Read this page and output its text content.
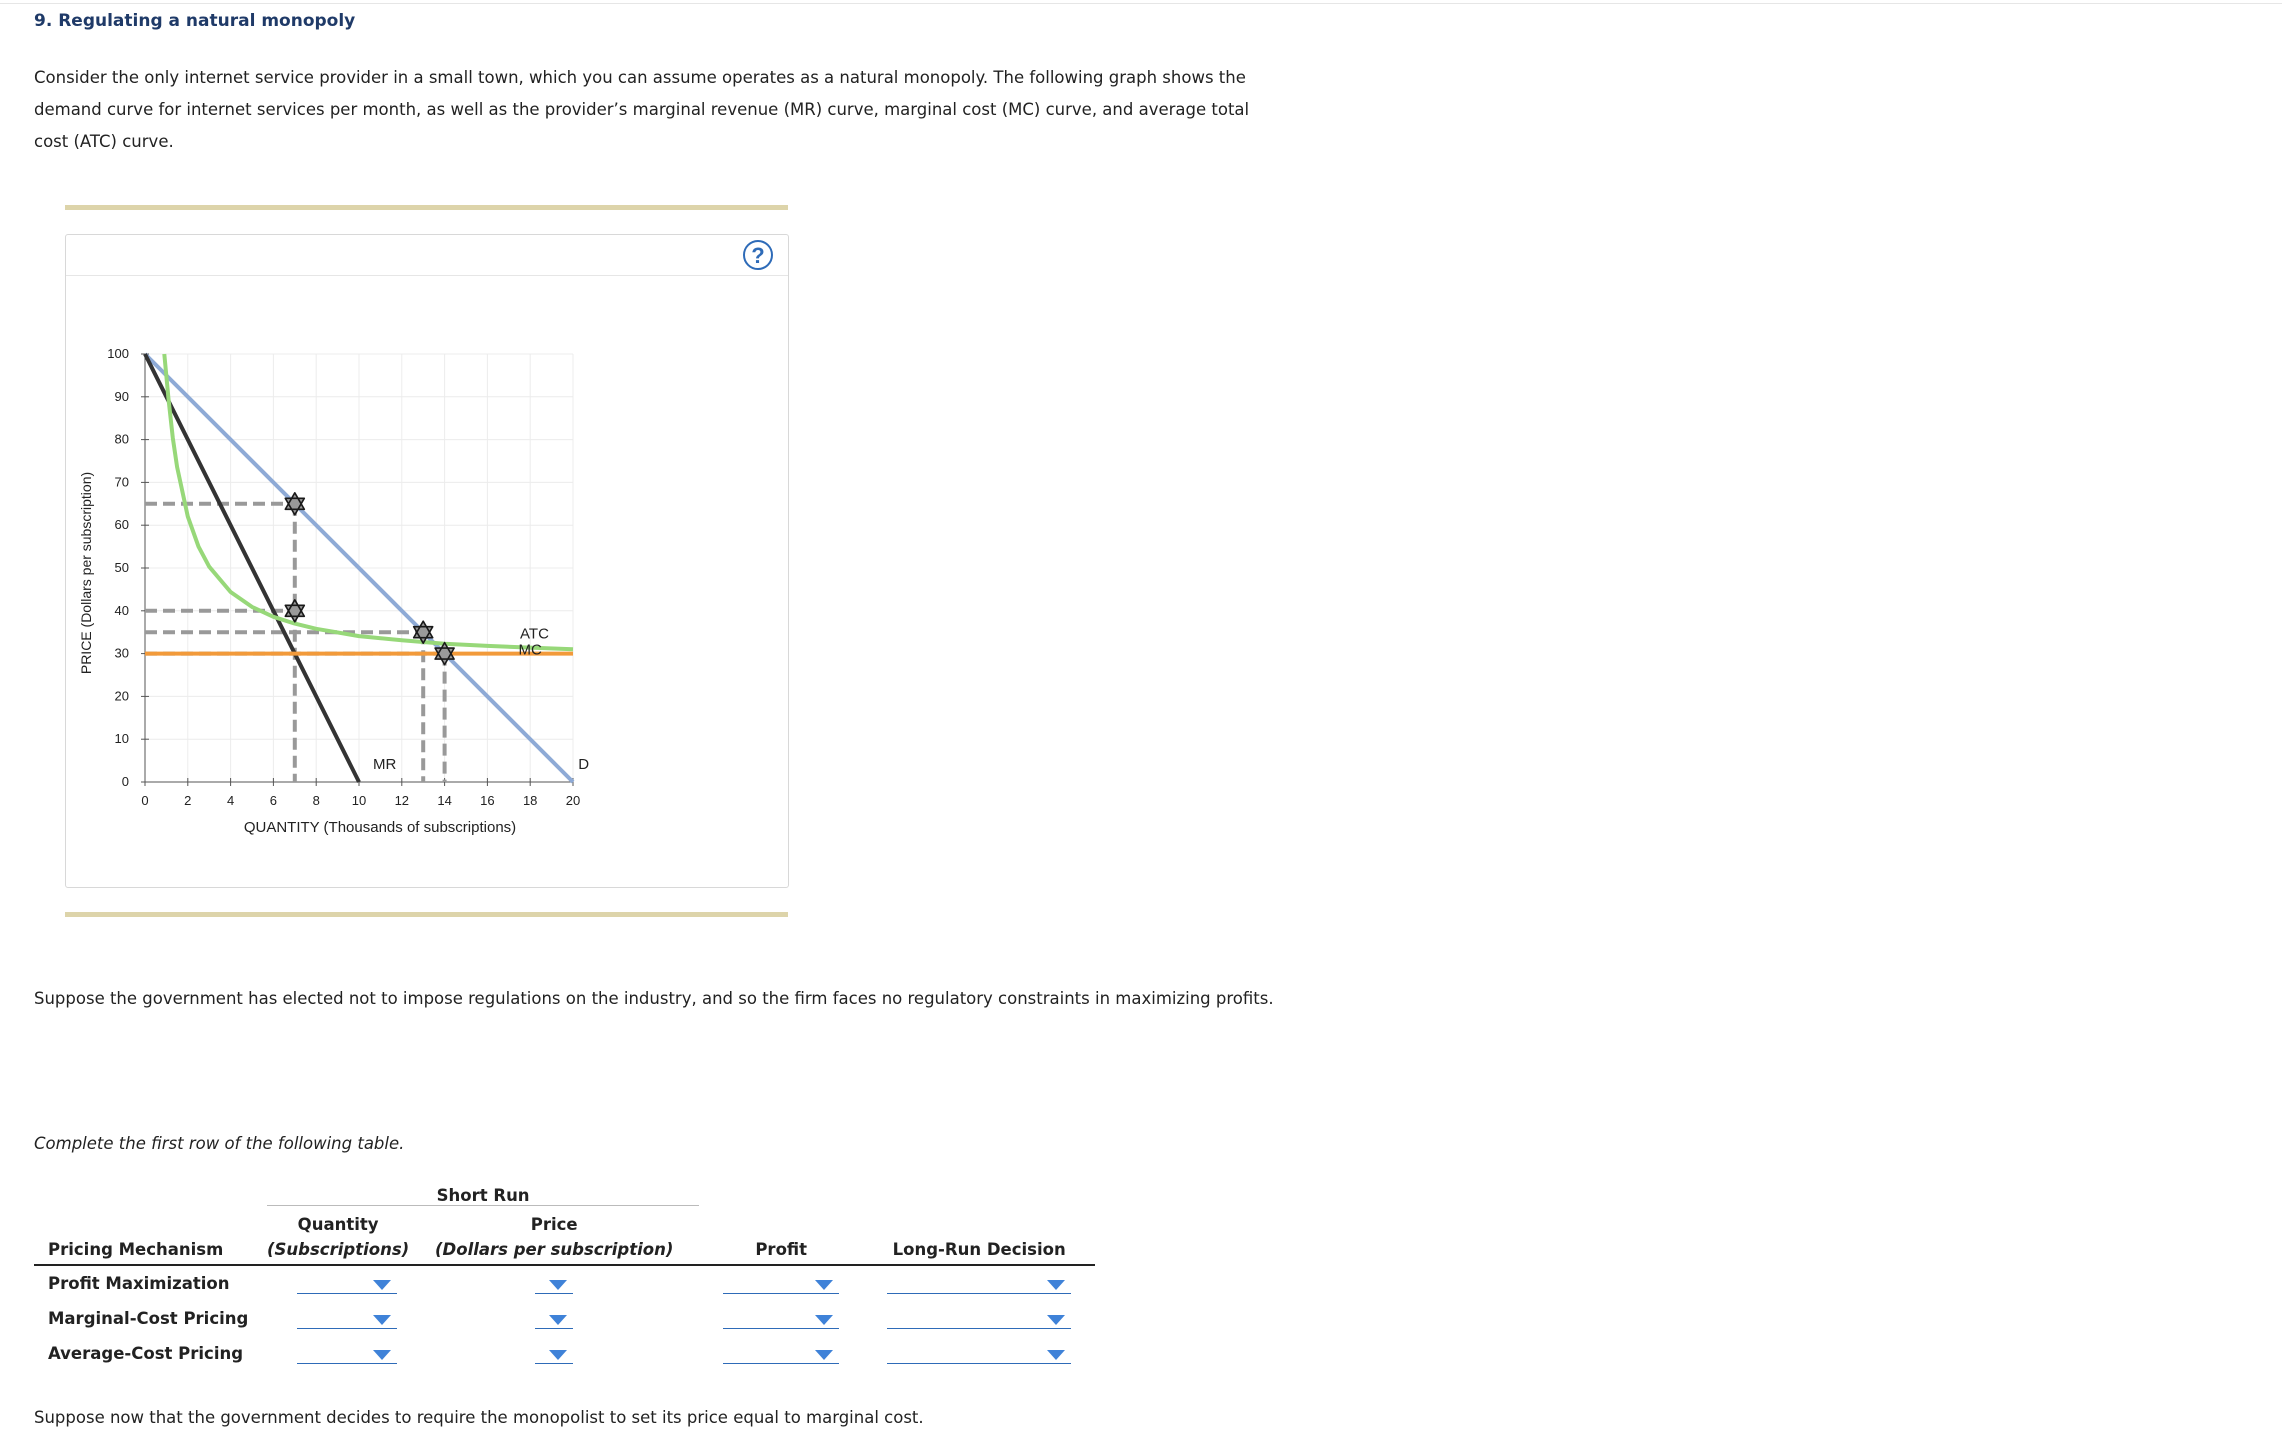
9. Regulating a natural monopoly
Consider the only internet service provider in a small town, which you can assume operates as a natural monopoly. The following graph shows the demand curve for internet services per month, as well as the provider’s marginal revenue (MR) curve, marginal cost (MC) curve, and average total cost (ATC) curve.
?
PRICE (Dollars per subscription)
QUANTITY (Thousands of subscriptions)
0	2	4	6	8 10 12 14 16 18 20
0
10
20
30
40
50
60
70
80
90
100
D
MR
ATC
MC
Suppose the government has elected not to impose regulations on the industry, and so the firm faces no regulatory constraints in maximizing profits.
Complete the first row of the following table.
	Short Run			
	Quantity	Price		
Pricing Mechanism	(Subscriptions)	(Dollars per subscription)	Profit	Long-Run Decision
Profit Maximization				
Marginal-Cost Pricing				
Average-Cost Pricing				
Suppose now that the government decides to require the monopolist to set its price equal to marginal cost.
